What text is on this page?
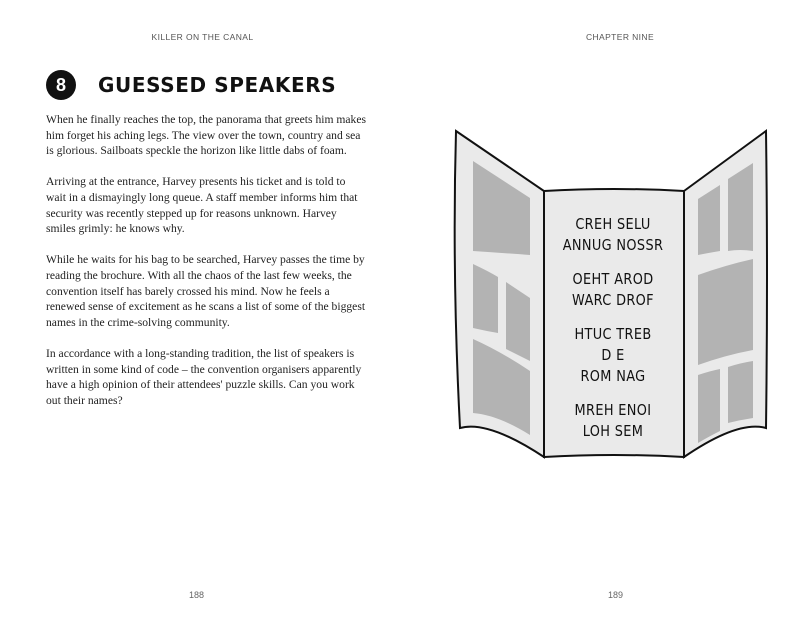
KILLER ON THE CANAL
8	GUESSED SPEAKERS

When he finally reaches the top, the panorama that greets him makes him forget his aching legs. The view over the town, country and sea is glorious. Sailboats speckle the horizon like little dabs of foam.

Arriving at the entrance, Harvey presents his ticket and is told to wait in a dismayingly long queue. A staff member informs him that security was recently stepped up for reasons unknown. Harvey smiles grimly: he knows why.

While he waits for his bag to be searched, Harvey passes the time by reading the brochure. With all the chaos of the last few weeks, the convention itself has barely crossed his mind. Now he feels a renewed sense of excitement as he scans a list of some of the biggest names in the crime-solving community.

In accordance with a long-standing tradition, the list of speakers is written in some kind of code – the convention organisers apparently have a high opinion of their attendees' puzzle skills. Can you work out their names?

188
CHAPTER NINE
189
CREH SELU
ANNUG NOSSR
OEHT AROD
WARC DROF
HTUC TREB
D E
ROM NAG
MREH ENOI
LOH SEM
